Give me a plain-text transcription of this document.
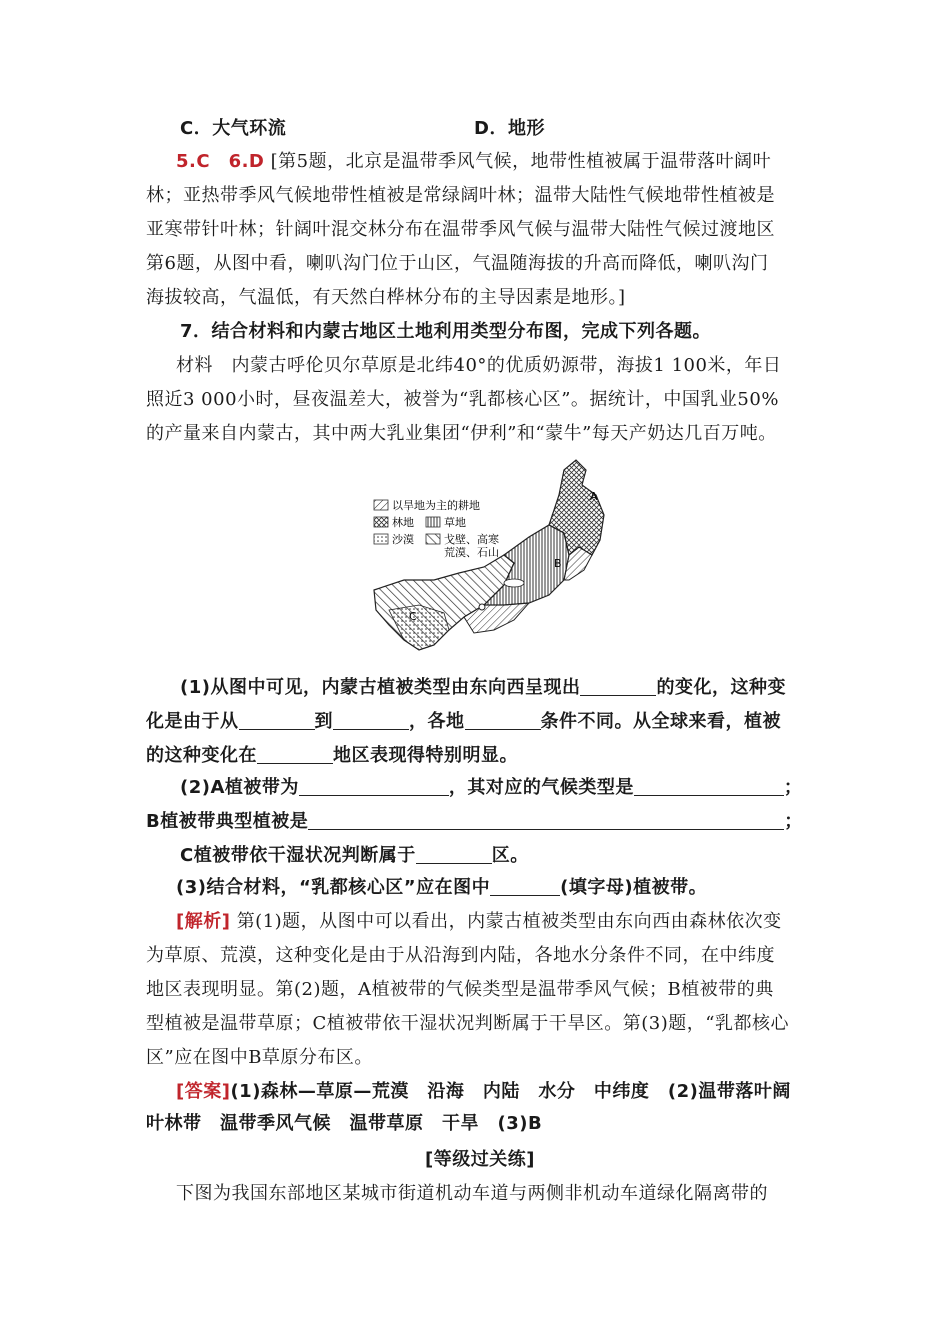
C．大气环流	D．地形
5.C　6.D [第5题，北京是温带季风气候，地带性植被属于温带落叶阔叶
林；亚热带季风气候地带性植被是常绿阔叶林；温带大陆性气候地带性植被是
亚寒带针叶林；针阔叶混交林分布在温带季风气候与温带大陆性气候过渡地区
第6题，从图中看，喇叭沟门位于山区，气温随海拔的升高而降低，喇叭沟门
海拔较高，气温低，有天然白桦林分布的主导因素是地形。]
7．结合材料和内蒙古地区土地利用类型分布图，完成下列各题。
材料　内蒙古呼伦贝尔草原是北纬40°的优质奶源带，海拔1 100米，年日
照近3 000小时，昼夜温差大，被誉为“乳都核心区”。据统计，中国乳业50%
的产量来自内蒙古，其中两大乳业集团“伊利”和“蒙牛”每天产奶达几百万吨。
以旱地为主的耕地
林地	草地
沙漠	戈壁、高寒
荒漠、石山
A
B
C
(1)从图中可见，内蒙古植被类型由东向西呈现出	的变化，这种变
化是由于从	到	，各地	条件不同。从全球来看，植被
的这种变化在	地区表现得特别明显。
(2)A植被带为	，其对应的气候类型是	；
B植被带典型植被是	；
C植被带依干湿状况判断属于	区。
(3)结合材料，“乳都核心区”应在图中	(填字母)植被带。
[解析] 第(1)题，从图中可以看出，内蒙古植被类型由东向西由森林依次变
为草原、荒漠，这种变化是由于从沿海到内陆，各地水分条件不同，在中纬度
地区表现明显。第(2)题，A植被带的气候类型是温带季风气候；B植被带的典
型植被是温带草原；C植被带依干湿状况判断属于干旱区。第(3)题，“乳都核心
区”应在图中B草原分布区。
[答案](1)森林—草原—荒漠　沿海　内陆　水分　中纬度　(2)温带落叶阔
叶林带　温带季风气候　温带草原　干旱　(3)B
[等级过关练]
下图为我国东部地区某城市街道机动车道与两侧非机动车道绿化隔离带的
